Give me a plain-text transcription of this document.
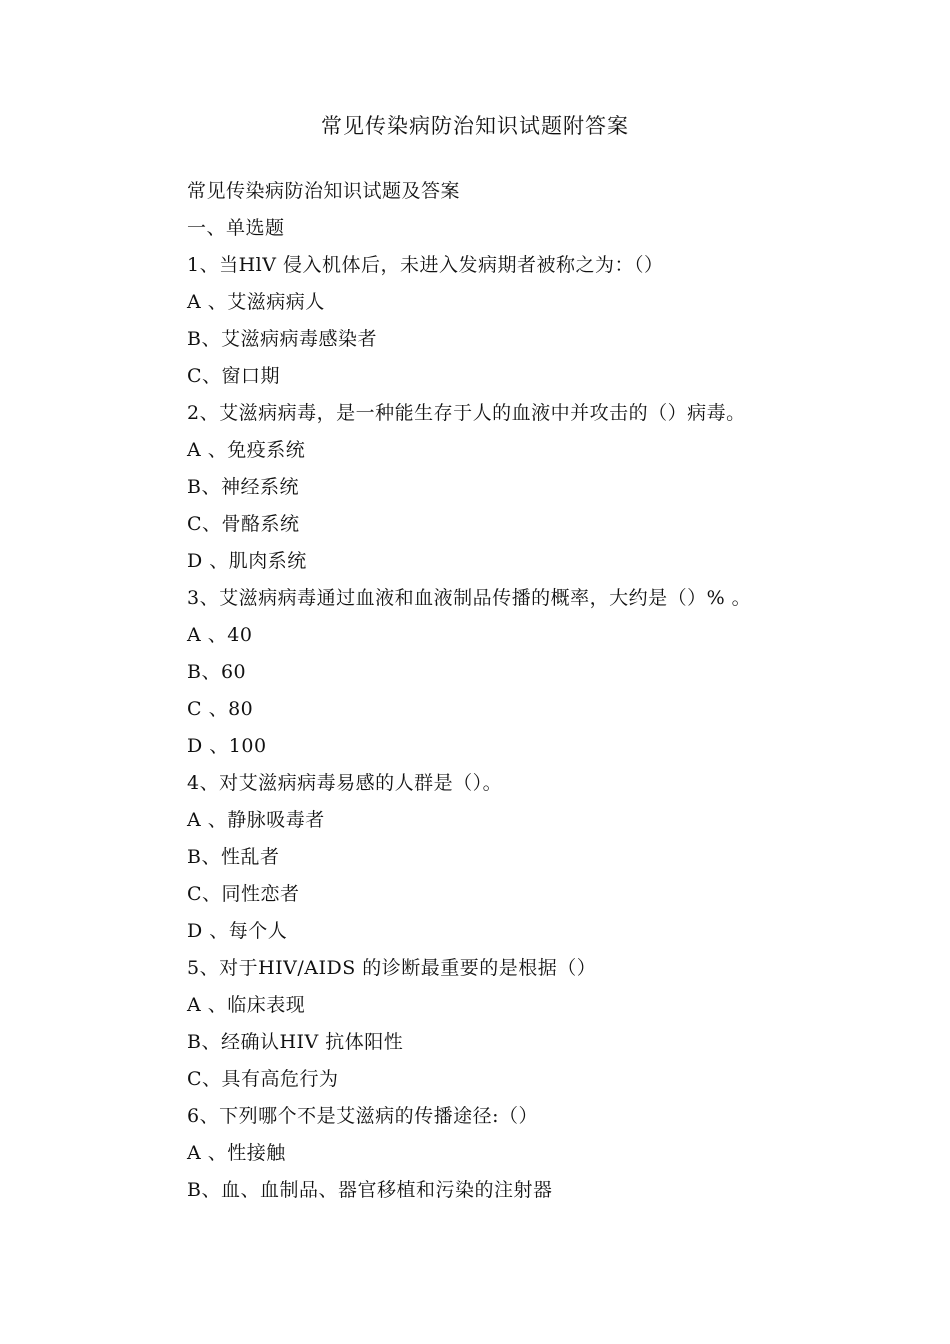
常见传染病防治知识试题附答案
常见传染病防治知识试题及答案
一、单选题
1、当HlV 侵入机体后，未进入发病期者被称之为：（）
A 、艾滋病病人
B、艾滋病病毒感染者
C、窗口期
2、艾滋病病毒，是一种能生存于人的血液中并攻击的（）病毒。
A 、免疫系统
B、神经系统
C、骨酪系统
D 、肌肉系统
3、艾滋病病毒通过血液和血液制品传播的概率，大约是（）% 。
A 、40
B、60
C 、80
D 、100
4、对艾滋病病毒易感的人群是（）。
A 、静脉吸毒者
B、性乱者
C、同性恋者
D 、每个人
5、对于HIV/AIDS 的诊断最重要的是根据（）
A 、临床表现
B、经确认HIV 抗体阳性
C、具有高危行为
6、下列哪个不是艾滋病的传播途径:（）
A 、性接触
B、血、血制品、器官移植和污染的注射器
